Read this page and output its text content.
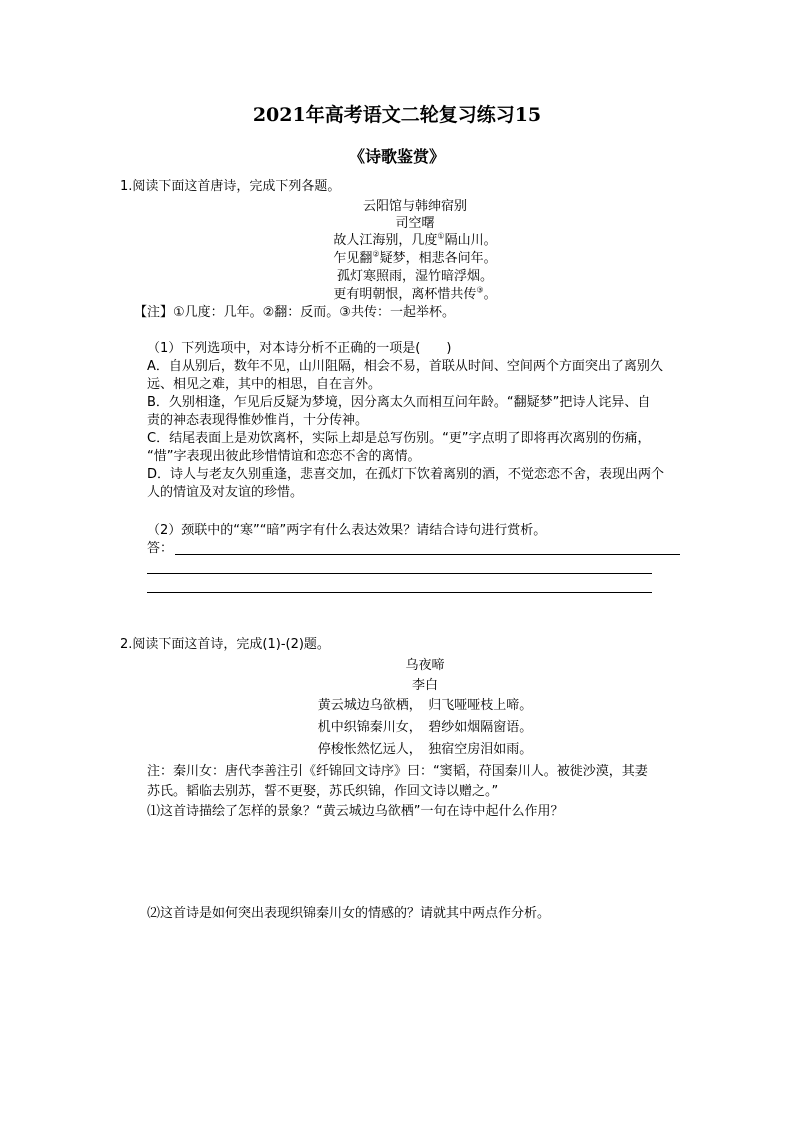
2021年高考语文二轮复习练习15
《诗歌鉴赏》
1.阅读下面这首唐诗，完成下列各题。
云阳馆与韩绅宿别
司空曙
故人江海别，几度①隔山川。
乍见翻②疑梦，相悲各问年。
孤灯寒照雨，湿竹暗浮烟。
更有明朝恨，离杯惜共传③。
【注】①几度：几年。②翻：反而。③共传：一起举杯。
（1）下列选项中，对本诗分析不正确的一项是(　　)
A．自从别后，数年不见，山川阻隔，相会不易，首联从时间、空间两个方面突出了离别久
远、相见之难，其中的相思，自在言外。
B．久别相逢，乍见后反疑为梦境，因分离太久而相互问年龄。“翻疑梦”把诗人诧异、自
责的神态表现得惟妙惟肖，十分传神。
C．结尾表面上是劝饮离杯，实际上却是总写伤别。“更”字点明了即将再次离别的伤痛，
“惜”字表现出彼此珍惜情谊和恋恋不舍的离情。
D．诗人与老友久别重逢，悲喜交加，在孤灯下饮着离别的酒，不觉恋恋不舍，表现出两个
人的情谊及对友谊的珍惜。
（2）颈联中的“寒”“暗”两字有什么表达效果？请结合诗句进行赏析。
答：
2.阅读下面这首诗，完成(1)-(2)题。
乌夜啼
李白
黄云城边乌欲栖，　归飞哑哑枝上啼。
机中织锦秦川女，　碧纱如烟隔窗语。
停梭怅然忆远人，　独宿空房泪如雨。
注：秦川女：唐代李善注引《纤锦回文诗序》曰：“窦韬，苻国秦川人。被徙沙漠，其妻
苏氏。韬临去别苏，誓不更娶，苏氏织锦，作回文诗以赠之。”
⑴这首诗描绘了怎样的景象？“黄云城边乌欲栖”一句在诗中起什么作用？
⑵这首诗是如何突出表现织锦秦川女的情感的？请就其中两点作分析。
